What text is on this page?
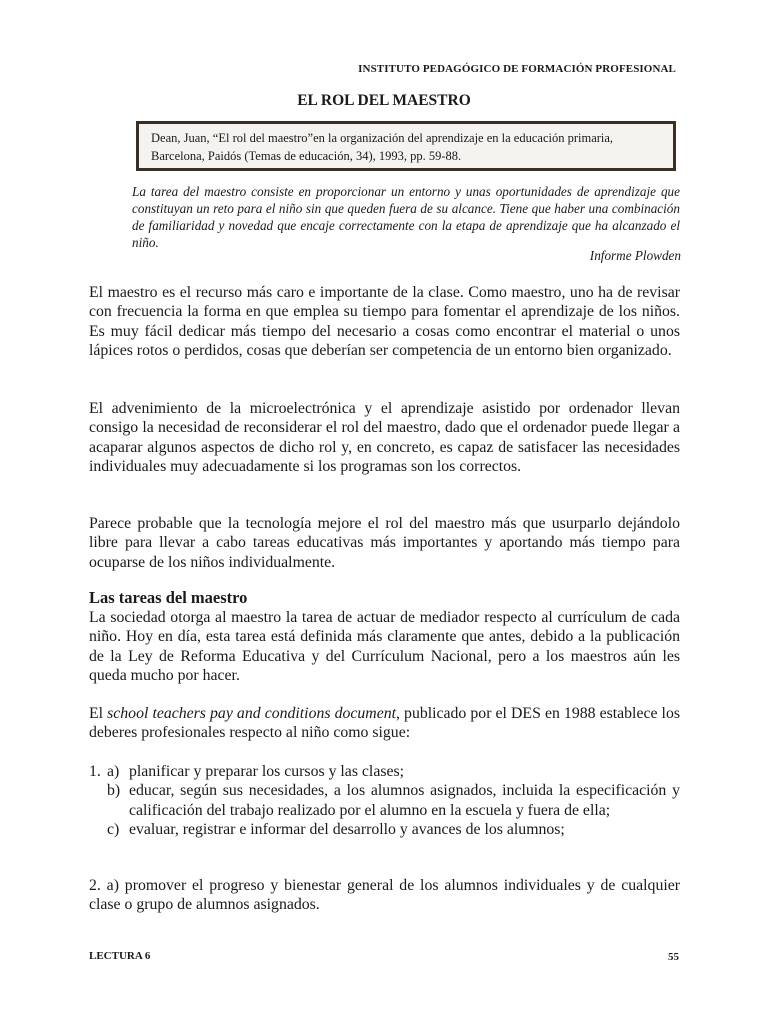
INSTITUTO PEDAGÓGICO DE FORMACIÓN PROFESIONAL
EL ROL DEL MAESTRO
Dean, Juan, “El rol del maestro”en la organización del aprendizaje en la educación primaria,
Barcelona, Paidós (Temas de educación, 34), 1993, pp. 59-88.
La tarea del maestro consiste en proporcionar un entorno y unas oportunidades de aprendizaje que constituyan un reto para el niño sin que queden fuera de su alcance. Tiene que haber una combinación de familiaridad y novedad que encaje correctamente con la etapa de aprendizaje que ha alcanzado el niño.
Informe Plowden
El maestro es el recurso más caro e importante de la clase. Como maestro, uno ha de revisar con frecuencia la forma en que emplea su tiempo para fomentar el aprendizaje de los niños. Es muy fácil dedicar más tiempo del necesario a cosas como encontrar el material o unos lápices rotos o perdidos, cosas que deberían ser competencia de un entorno bien organizado.
El advenimiento de la microelectrónica y el aprendizaje asistido por ordenador llevan consigo la necesidad de reconsiderar el rol del maestro, dado que el ordenador puede llegar a acaparar algunos aspectos de dicho rol y, en concreto, es capaz de satisfacer las necesidades individuales muy adecuadamente si los programas son los correctos.
Parece probable que la tecnología mejore el rol del maestro más que usurparlo dejándolo libre para llevar a cabo tareas educativas más importantes y aportando más tiempo para ocuparse de los niños individualmente.
Las tareas del maestro
La sociedad otorga al maestro la tarea de actuar de mediador respecto al currículum de cada niño. Hoy en día, esta tarea está definida más claramente que antes, debido a la publicación de la Ley de Reforma Educativa y del Currículum Nacional, pero a los maestros aún les queda mucho por hacer.
El school teachers pay and conditions document, publicado por el DES en 1988 establece los deberes profesionales respecto al niño como sigue:
1. a) planificar y preparar los cursos y las clases;
b) educar, según sus necesidades, a los alumnos asignados, incluida la especificación y calificación del trabajo realizado por el alumno en la escuela y fuera de ella;
c) evaluar, registrar e informar del desarrollo y avances de los alumnos;
2. a) promover el progreso y bienestar general de los alumnos individuales y de cualquier clase o grupo de alumnos asignados.
LECTURA 6	55
